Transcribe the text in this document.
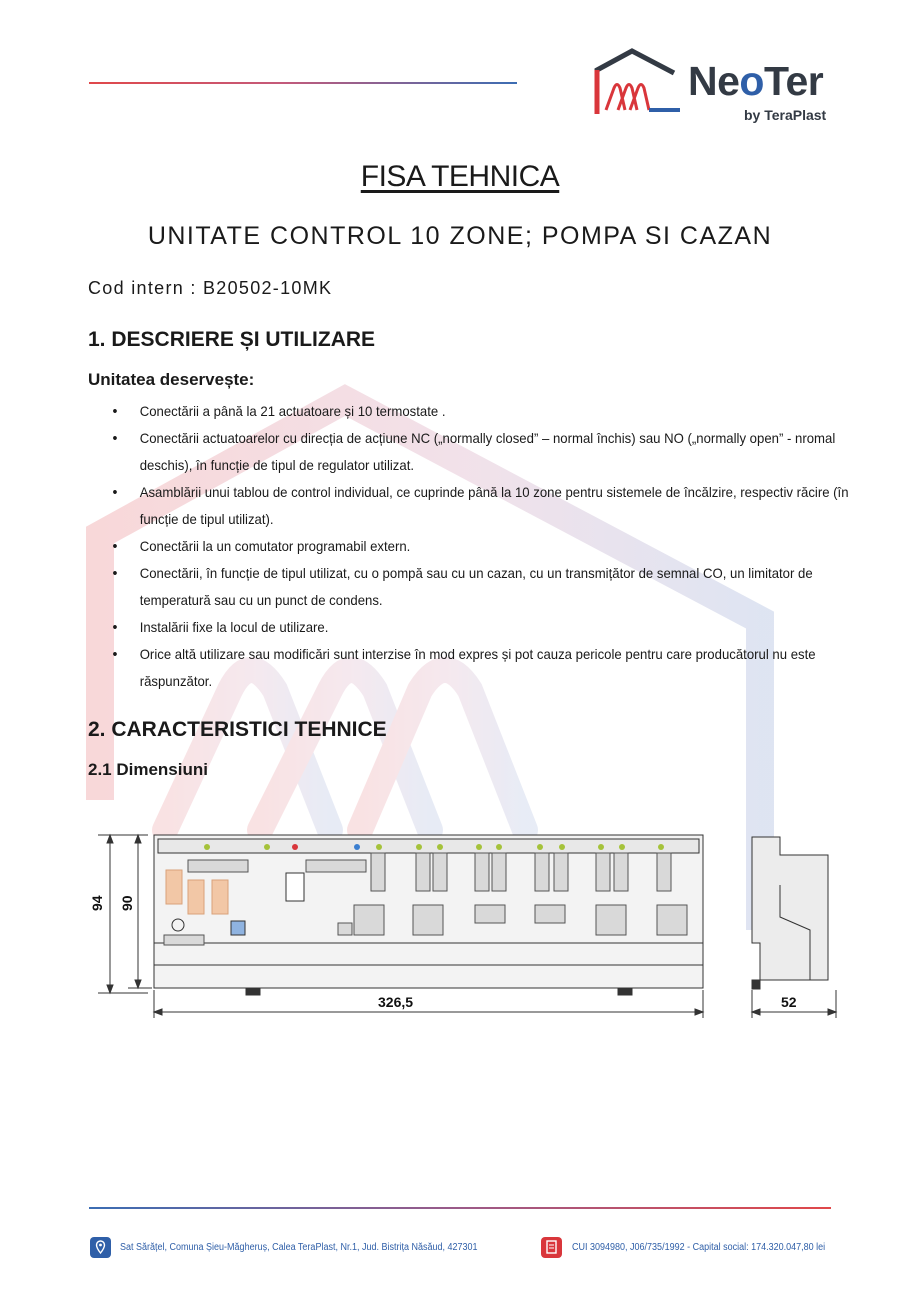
NeoTer
by TeraPlast
FISA TEHNICA
UNITATE CONTROL 10 ZONE; POMPA SI CAZAN
Cod intern : B20502-10MK
1. DESCRIERE ȘI UTILIZARE
Unitatea deservește:
• Conectării a până la 21 actuatoare și 10 termostate .
• Conectării actuatoarelor cu direcția de acțiune NC („normally closed” – normal închis) sau NO („normally open” - nromal deschis), în funcție de tipul de regulator utilizat.
• Asamblării unui tablou de control individual, ce cuprinde până la 10 zone pentru sistemele de încălzire, respectiv răcire (în funcție de tipul utilizat).
• Conectării la un comutator programabil extern.
• Conectării, în funcție de tipul utilizat, cu o pompă sau cu un cazan, cu un transmițător de semnal CO, un limitator de temperatură sau cu un punct de condens.
• Instalării fixe la locul de utilizare.
• Orice altă utilizare sau modificări sunt interzise în mod expres și pot cauza pericole pentru care producătorul nu este răspunzător.
2. CARACTERISTICI TEHNICE
2.1 Dimensiuni
94 90
326,5	52
Sat Sărățel, Comuna Șieu-Măgheruș, Calea TeraPlast, Nr.1, Jud. Bistrița Năsăud, 427301	CUI 3094980, J06/735/1992 - Capital social: 174.320.047,80 lei
